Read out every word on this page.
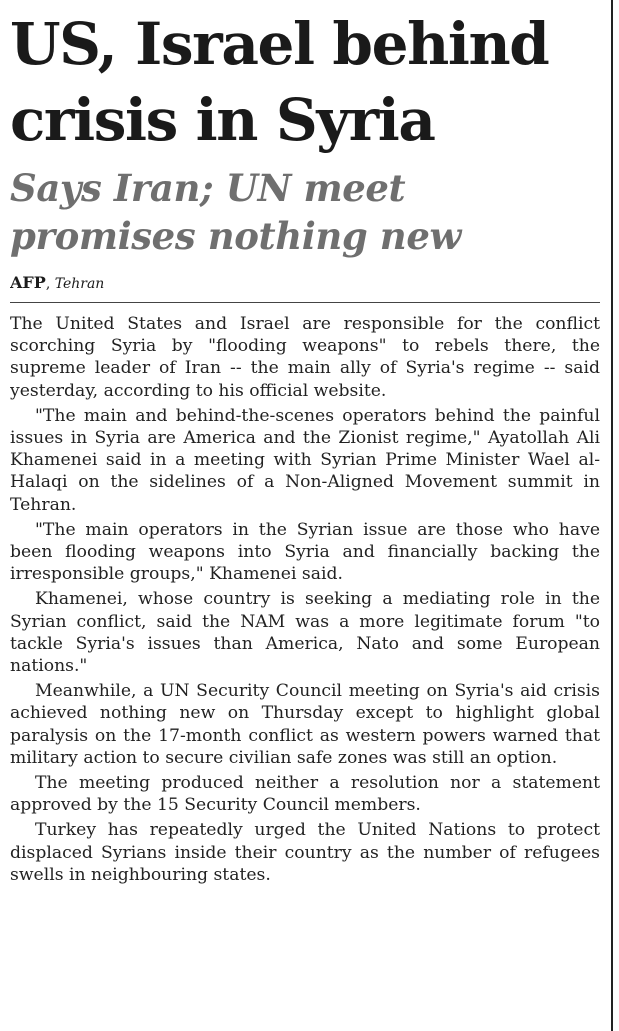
US, Israel behind crisis in Syria
Says Iran; UN meet promises nothing new
AFP, Tehran

The United States and Israel are responsible for the conflict scorching Syria by "flooding weapons" to rebels there, the supreme leader of Iran -- the main ally of Syria's regime -- said yesterday, according to his official website.

"The main and behind-the-scenes operators behind the painful issues in Syria are America and the Zionist regime," Ayatollah Ali Khamenei said in a meeting with Syrian Prime Minister Wael al-Halaqi on the sidelines of a Non-Aligned Movement summit in Tehran.

"The main operators in the Syrian issue are those who have been flooding weapons into Syria and financially backing the irresponsible groups," Khamenei said.

Khamenei, whose country is seeking a mediating role in the Syrian conflict, said the NAM was a more legitimate forum "to tackle Syria's issues than America, Nato and some European nations."

Meanwhile, a UN Security Council meeting on Syria's aid crisis achieved nothing new on Thursday except to highlight global paralysis on the 17-month conflict as western powers warned that military action to secure civilian safe zones was still an option.

The meeting produced neither a resolution nor a statement approved by the 15 Security Council members.

Turkey has repeatedly urged the United Nations to protect displaced Syrians inside their country as the number of refugees swells in neighbouring states.
